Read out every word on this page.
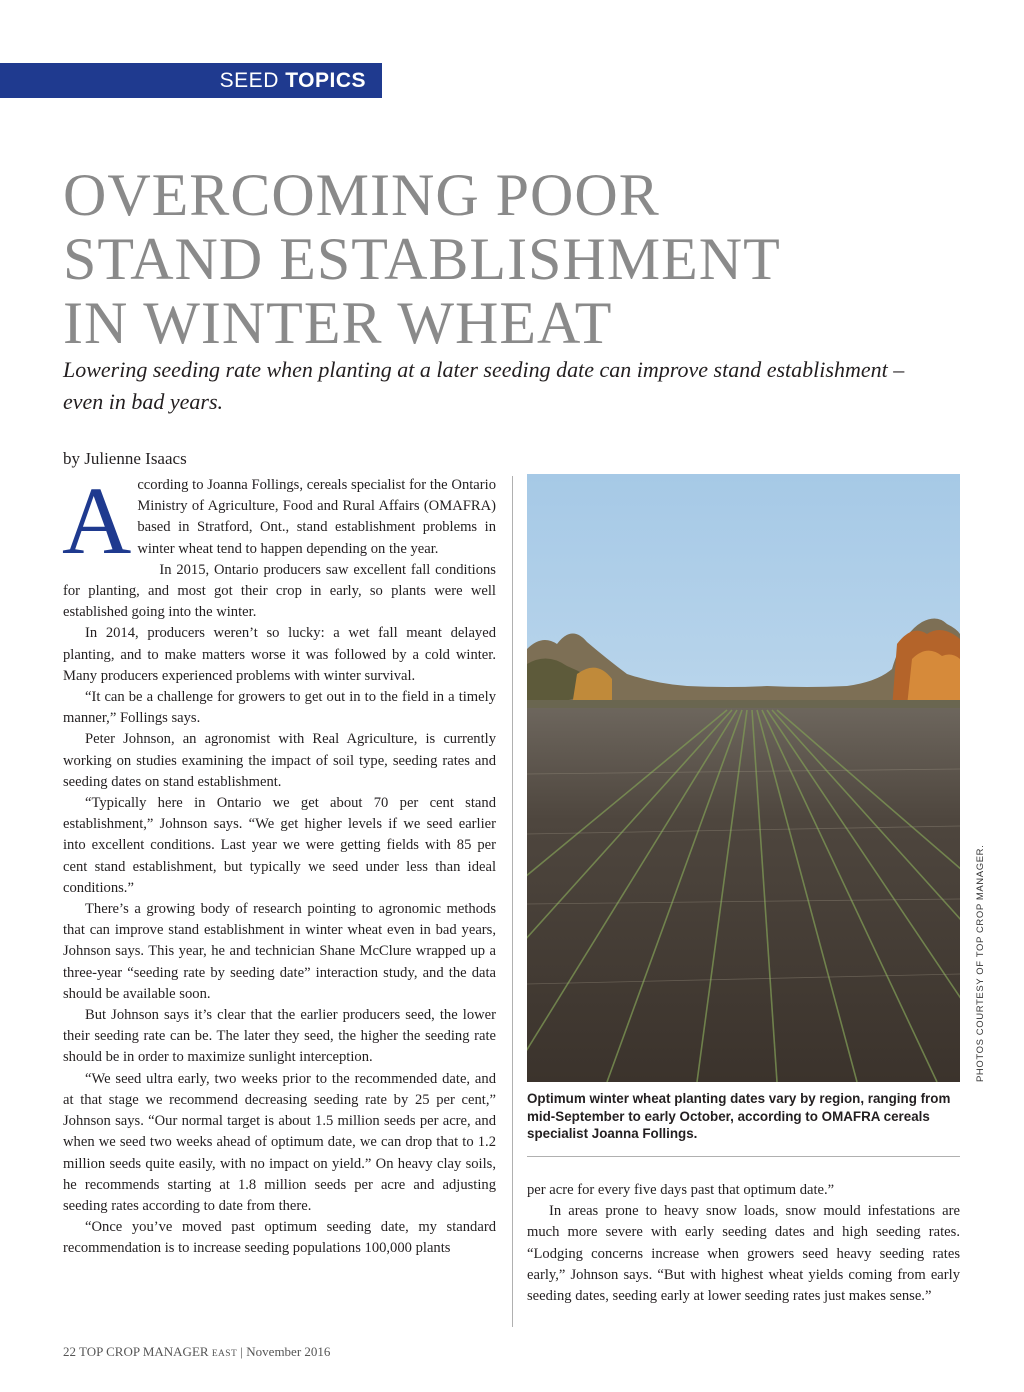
SEED TOPICS
OVERCOMING POOR
STAND ESTABLISHMENT
IN WINTER WHEAT
Lowering seeding rate when planting at a later seeding date can improve stand establishment – even in bad years.
by Julienne Isaacs

According to Joanna Follings, cereals specialist for the Ontario Ministry of Agriculture, Food and Rural Affairs (OMAFRA) based in Stratford, Ont., stand establishment problems in winter wheat tend to happen depending on the year.

In 2015, Ontario producers saw excellent fall conditions for planting, and most got their crop in early, so plants were well established going into the winter.

In 2014, producers weren’t so lucky: a wet fall meant delayed planting, and to make matters worse it was followed by a cold winter. Many producers experienced problems with winter survival.

“It can be a challenge for growers to get out in to the field in a timely manner,” Follings says.

Peter Johnson, an agronomist with Real Agriculture, is currently working on studies examining the impact of soil type, seeding rates and seeding dates on stand establishment.

“Typically here in Ontario we get about 70 per cent stand establishment,” Johnson says. “We get higher levels if we seed earlier into excellent conditions. Last year we were getting fields with 85 per cent stand establishment, but typically we seed under less than ideal conditions.”

There’s a growing body of research pointing to agronomic methods that can improve stand establishment in winter wheat even in bad years, Johnson says. This year, he and technician Shane McClure wrapped up a three-year “seeding rate by seeding date” interaction study, and the data should be available soon.

But Johnson says it’s clear that the earlier producers seed, the lower their seeding rate can be. The later they seed, the higher the seeding rate should be in order to maximize sunlight interception.

“We seed ultra early, two weeks prior to the recommended date, and at that stage we recommend decreasing seeding rate by 25 per cent,” Johnson says. “Our normal target is about 1.5 million seeds per acre, and when we seed two weeks ahead of optimum date, we can drop that to 1.2 million seeds quite easily, with no impact on yield.” On heavy clay soils, he recommends starting at 1.8 million seeds per acre and adjusting seeding rates according to date from there.

“Once you’ve moved past optimum seeding date, my standard recommendation is to increase seeding populations 100,000 plants

PHOTOS COURTESY OF TOP CROP MANAGER.
Optimum winter wheat planting dates vary by region, ranging from mid-September to early October, according to OMAFRA cereals specialist Joanna Follings.

per acre for every five days past that optimum date.”

In areas prone to heavy snow loads, snow mould infestations are much more severe with early seeding dates and high seeding rates. “Lodging concerns increase when growers seed heavy seeding rates early,” Johnson says. “But with highest wheat yields coming from early seeding dates, seeding early at lower seeding rates just makes sense.”

22 TOP CROP MANAGER EAST | November 2016
